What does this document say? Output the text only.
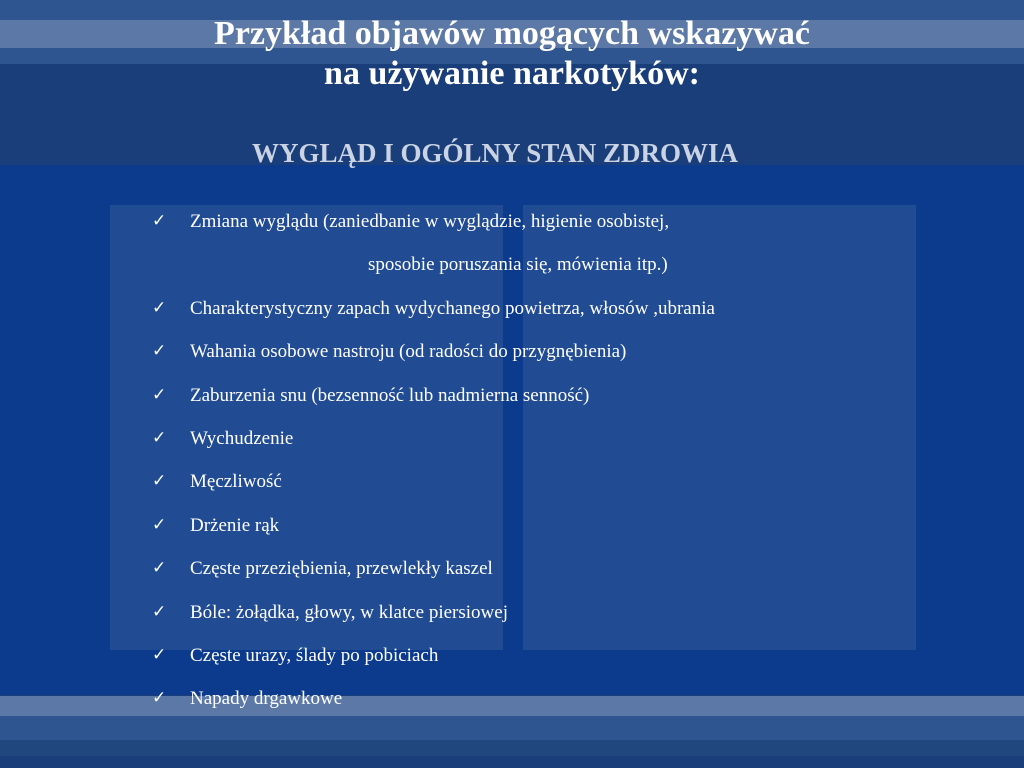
Przykład objawów mogących wskazywać
na używanie narkotyków:
WYGLĄD I OGÓLNY STAN ZDROWIA
✓	Zmiana wyglądu (zaniedbanie w wyglądzie, higienie osobistej,
sposobie poruszania się, mówienia itp.)
✓	Charakterystyczny zapach wydychanego powietrza, włosów ,ubrania
✓	Wahania osobowe nastroju (od radości do przygnębienia)
✓	Zaburzenia snu (bezsenność lub nadmierna senność)
✓	Wychudzenie
✓	Męczliwość
✓	Drżenie rąk
✓	Częste przeziębienia, przewlekły kaszel
✓	Bóle: żołądka, głowy, w klatce piersiowej
✓	Częste urazy, ślady po pobiciach
✓	Napady drgawkowe
